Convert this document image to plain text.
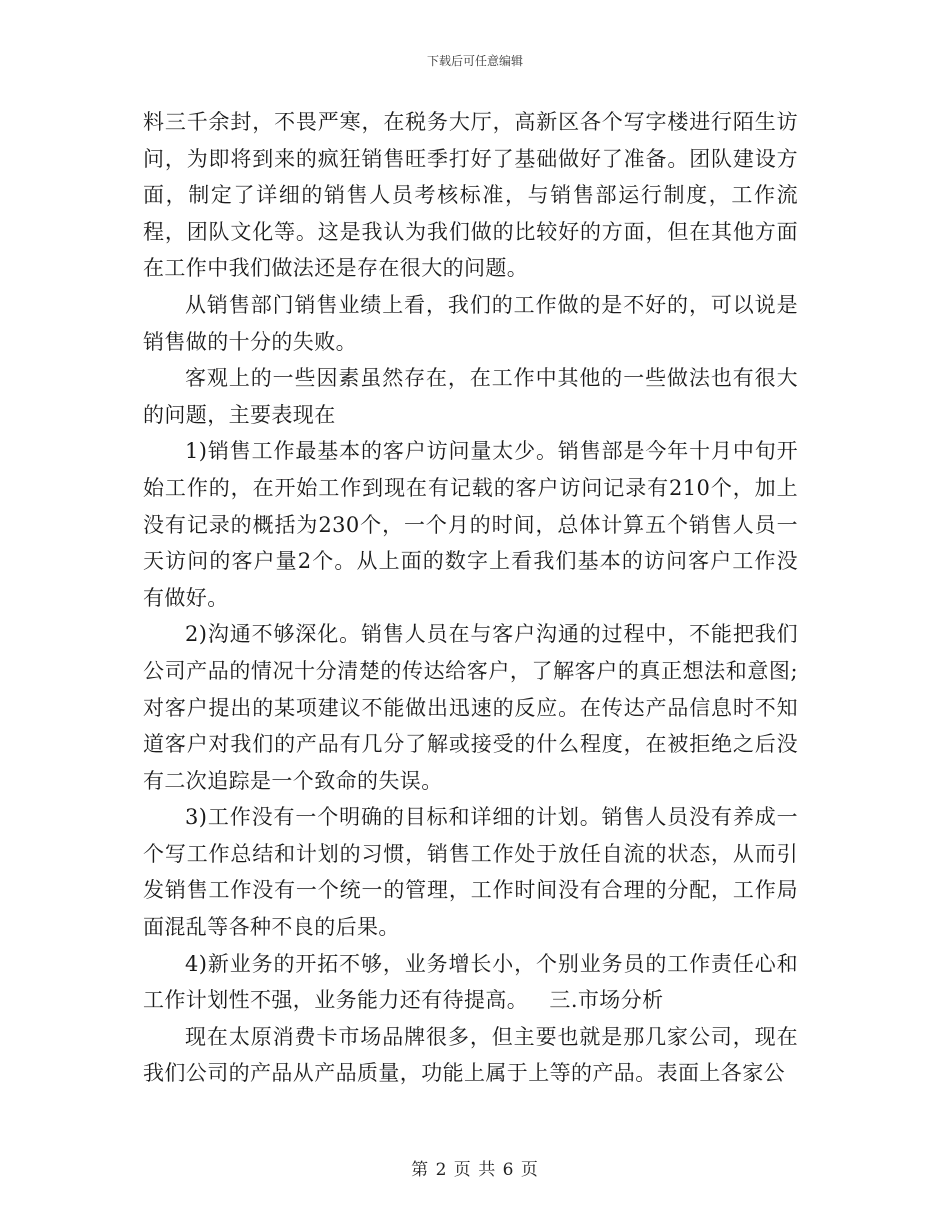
下载后可任意编辑

料三千余封，不畏严寒，在税务大厅，高新区各个写字楼进行陌生访问，为即将到来的疯狂销售旺季打好了基础做好了准备。团队建设方面，制定了详细的销售人员考核标准，与销售部运行制度，工作流程，团队文化等。这是我认为我们做的比较好的方面，但在其他方面在工作中我们做法还是存在很大的问题。

从销售部门销售业绩上看，我们的工作做的是不好的，可以说是销售做的十分的失败。

客观上的一些因素虽然存在，在工作中其他的一些做法也有很大的问题，主要表现在

1)销售工作最基本的客户访问量太少。销售部是今年十月中旬开始工作的，在开始工作到现在有记载的客户访问记录有210个，加上没有记录的概括为230个，一个月的时间，总体计算五个销售人员一天访问的客户量2个。从上面的数字上看我们基本的访问客户工作没有做好。

2)沟通不够深化。销售人员在与客户沟通的过程中，不能把我们公司产品的情况十分清楚的传达给客户，了解客户的真正想法和意图;对客户提出的某项建议不能做出迅速的反应。在传达产品信息时不知道客户对我们的产品有几分了解或接受的什么程度，在被拒绝之后没有二次追踪是一个致命的失误。

3)工作没有一个明确的目标和详细的计划。销售人员没有养成一个写工作总结和计划的习惯，销售工作处于放任自流的状态，从而引发销售工作没有一个统一的管理，工作时间没有合理的分配，工作局面混乱等各种不良的后果。

4)新业务的开拓不够，业务增长小，个别业务员的工作责任心和工作计划性不强，业务能力还有待提高。   三.市场分析

现在太原消费卡市场品牌很多，但主要也就是那几家公司，现在我们公司的产品从产品质量，功能上属于上等的产品。表面上各家公

第 2 页 共 6 页
